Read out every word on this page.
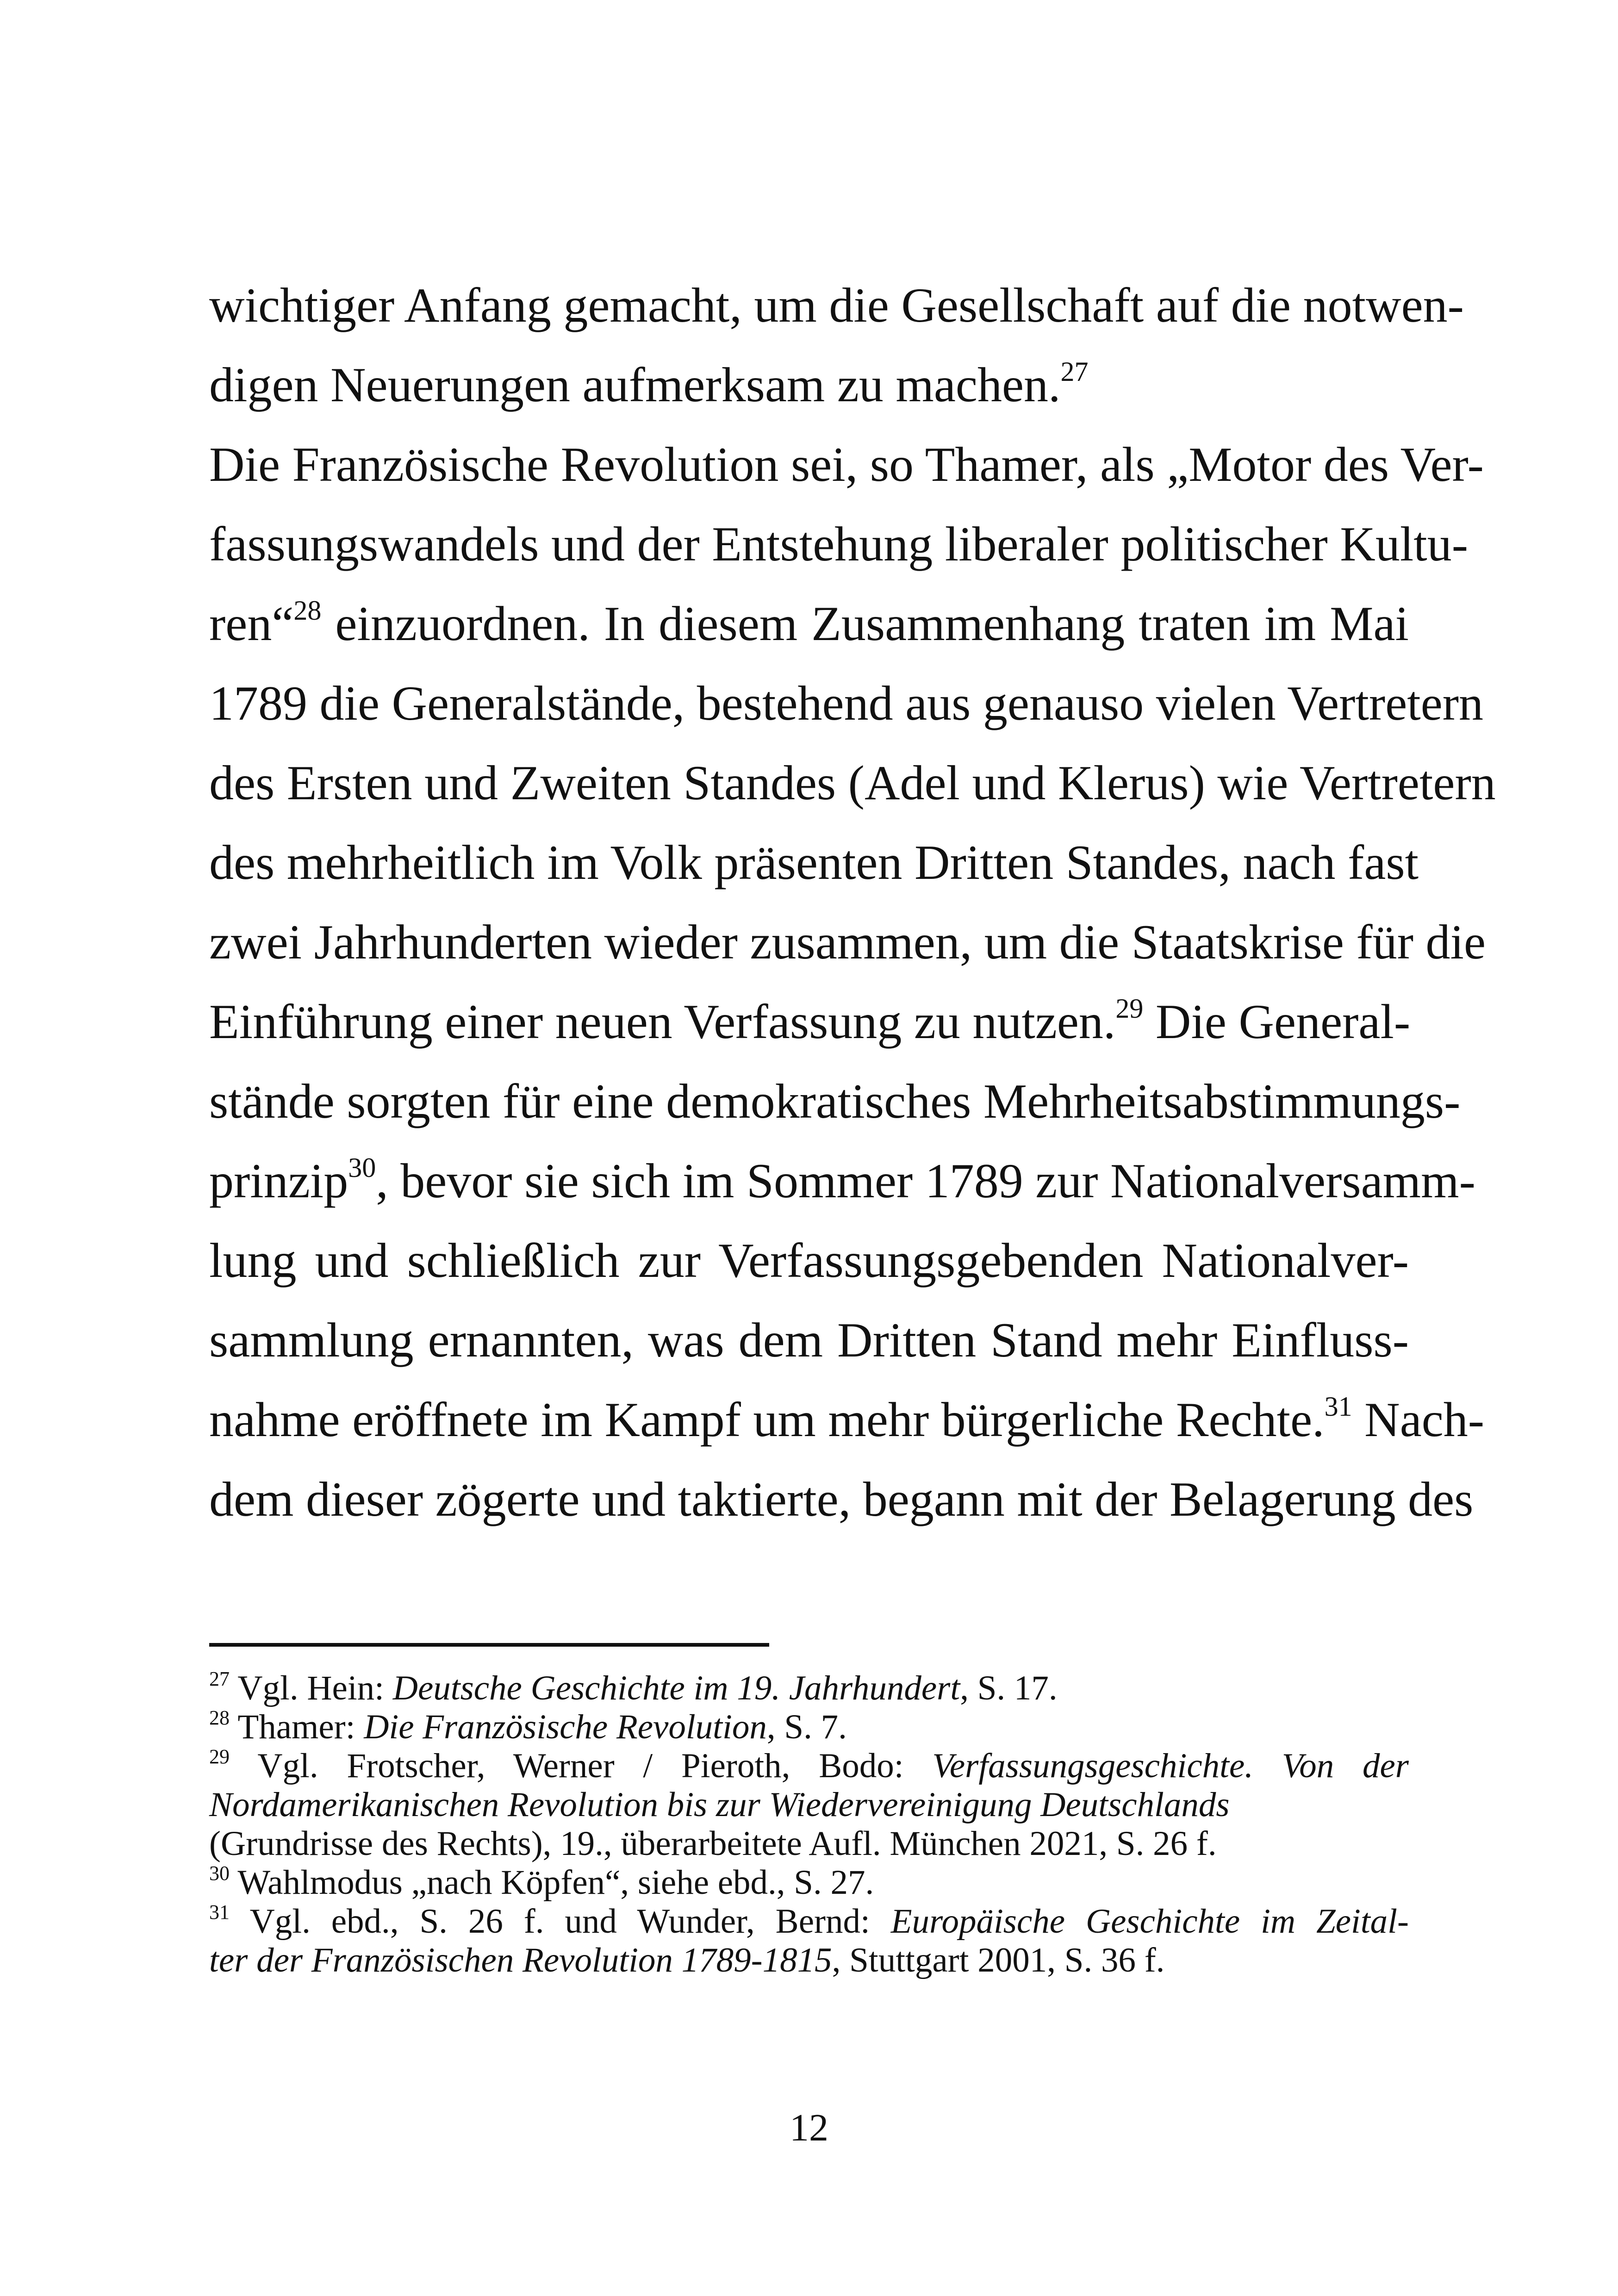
wichtiger Anfang gemacht, um die Gesellschaft auf die notwen-
digen Neuerungen aufmerksam zu machen.$^{27}$
Die Französische Revolution sei, so Thamer, als „Motor des Ver-
fassungswandels und der Entstehung liberaler politischer Kultu-
ren“$^{28}$ einzuordnen. In diesem Zusammenhang traten im Mai
1789 die Generalstände, bestehend aus genauso vielen Vertretern
des Ersten und Zweiten Standes (Adel und Klerus) wie Vertretern
des mehrheitlich im Volk präsenten Dritten Standes, nach fast
zwei Jahrhunderten wieder zusammen, um die Staatskrise für die
Einführung einer neuen Verfassung zu nutzen.$^{29}$ Die General-
stände sorgten für eine demokratisches Mehrheitsabstimmungs-
prinzip$^{30}$, bevor sie sich im Sommer 1789 zur Nationalversamm-
lung und schließlich zur Verfassungsgebenden Nationalver-
sammlung ernannten, was dem Dritten Stand mehr Einfluss-
nahme eröffnete im Kampf um mehr bürgerliche Rechte.$^{31}$ Nach-
dem dieser zögerte und taktierte, begann mit der Belagerung des
$^{27}$ Vgl. Hein: Deutsche Geschichte im 19. Jahrhundert, S. 17.
$^{28}$ Thamer: Die Französische Revolution, S. 7.
$^{29}$ Vgl. Frotscher, Werner / Pieroth, Bodo: Verfassungsgeschichte. Von der
Nordamerikanischen Revolution bis zur Wiedervereinigung Deutschlands
(Grundrisse des Rechts), 19., überarbeitete Aufl. München 2021, S. 26 f.
$^{30}$ Wahlmodus „nach Köpfen“, siehe ebd., S. 27.
$^{31}$ Vgl. ebd., S. 26 f. und Wunder, Bernd: Europäische Geschichte im Zeital-
ter der Französischen Revolution 1789-1815, Stuttgart 2001, S. 36 f.
12
